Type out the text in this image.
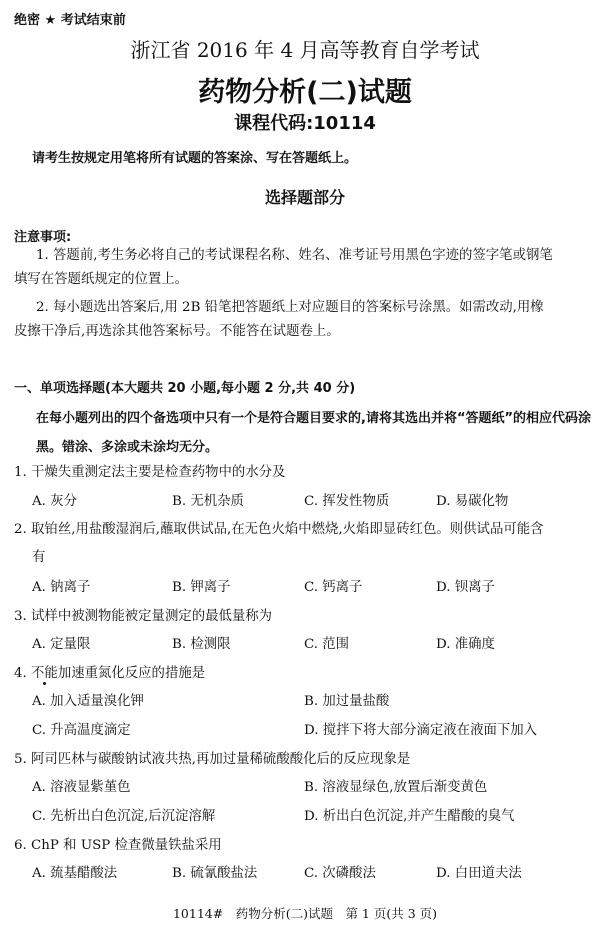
绝密 ★ 考试结束前
浙江省 2016 年 4 月高等教育自学考试
药物分析(二)试题
课程代码:10114
请考生按规定用笔将所有试题的答案涂、写在答题纸上。
选择题部分
注意事项:
1. 答题前,考生务必将自己的考试课程名称、姓名、准考证号用黑色字迹的签字笔或钢笔
填写在答题纸规定的位置上。
2. 每小题选出答案后,用 2B 铅笔把答题纸上对应题目的答案标号涂黑。如需改动,用橡
皮擦干净后,再选涂其他答案标号。不能答在试题卷上。
一、单项选择题(本大题共 20 小题,每小题 2 分,共 40 分)
在每小题列出的四个备选项中只有一个是符合题目要求的,请将其选出并将“答题纸”的相应代码涂黑。错涂、多涂或未涂均无分。
1. 干燥失重测定法主要是检查药物中的水分及
A. 灰分	B. 无机杂质	C. 挥发性物质	D. 易碳化物
2. 取铂丝,用盐酸湿润后,蘸取供试品,在无色火焰中燃烧,火焰即显砖红色。则供试品可能含
有
A. 钠离子	B. 钾离子	C. 钙离子	D. 钡离子
3. 试样中被测物能被定量测定的最低量称为
A. 定量限	B. 检测限	C. 范围	D. 准确度
4. 不能加速重氮化反应的措施是
A. 加入适量溴化钾	B. 加过量盐酸
C. 升高温度滴定	D. 搅拌下将大部分滴定液在液面下加入
5. 阿司匹林与碳酸钠试液共热,再加过量稀硫酸酸化后的反应现象是
A. 溶液显紫堇色	B. 溶液显绿色,放置后渐变黄色
C. 先析出白色沉淀,后沉淀溶解	D. 析出白色沉淀,并产生醋酸的臭气
6. ChP 和 USP 检查微量铁盐采用
A. 巯基醋酸法	B. 硫氰酸盐法	C. 次磷酸法	D. 白田道夫法
10114#　药物分析(二)试题　第 1 页(共 3 页)
